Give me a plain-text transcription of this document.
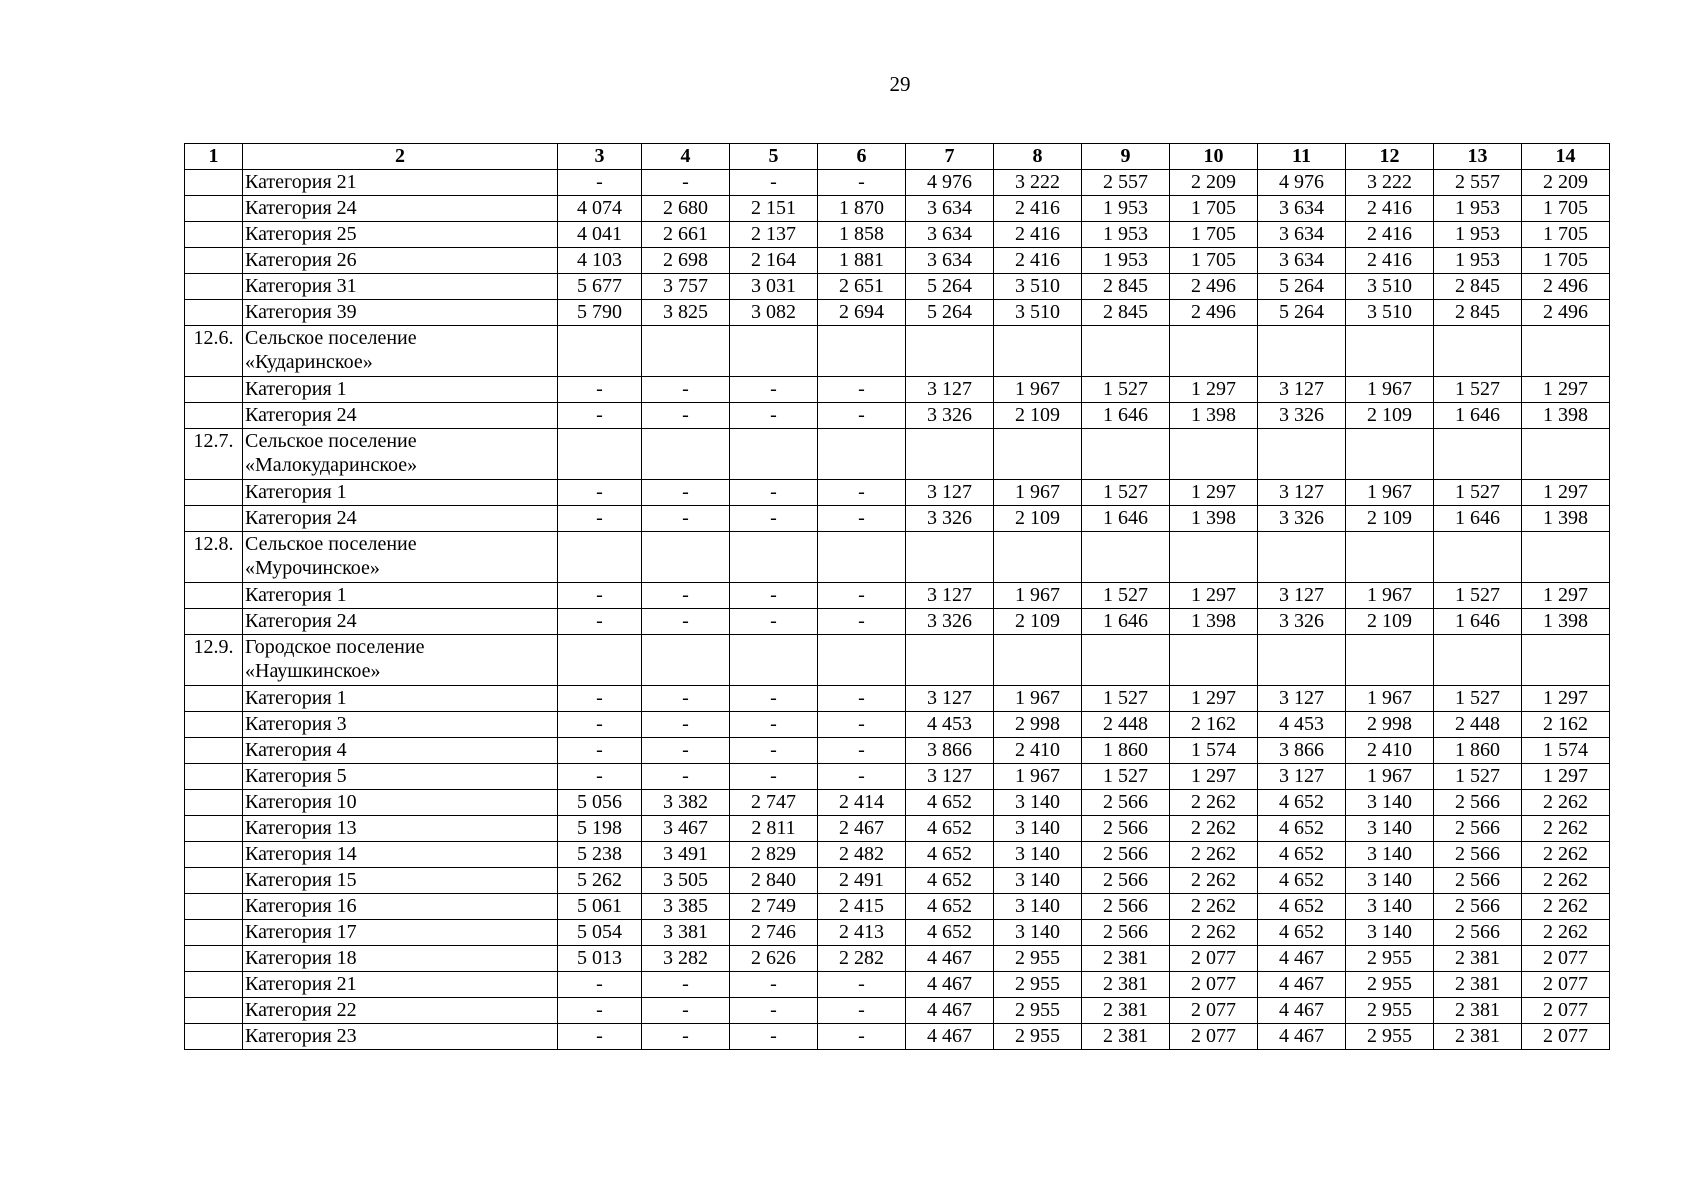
29
1	2	3	4	5	6	7	8	9	10	11	12	13	14
	Категория 21	-	-	-	-	4 976	3 222	2 557	2 209	4 976	3 222	2 557	2 209
	Категория 24	4 074	2 680	2 151	1 870	3 634	2 416	1 953	1 705	3 634	2 416	1 953	1 705
	Категория 25	4 041	2 661	2 137	1 858	3 634	2 416	1 953	1 705	3 634	2 416	1 953	1 705
	Категория 26	4 103	2 698	2 164	1 881	3 634	2 416	1 953	1 705	3 634	2 416	1 953	1 705
	Категория 31	5 677	3 757	3 031	2 651	5 264	3 510	2 845	2 496	5 264	3 510	2 845	2 496
	Категория 39	5 790	3 825	3 082	2 694	5 264	3 510	2 845	2 496	5 264	3 510	2 845	2 496
12.6.	Сельское поселение
«Кударинское»												

	Категория 1	-	-	-	-	3 127	1 967	1 527	1 297	3 127	1 967	1 527	1 297
	Категория 24	-	-	-	-	3 326	2 109	1 646	1 398	3 326	2 109	1 646	1 398
12.7.	Сельское поселение
«Малокударинское»												

	Категория 1	-	-	-	-	3 127	1 967	1 527	1 297	3 127	1 967	1 527	1 297
	Категория 24	-	-	-	-	3 326	2 109	1 646	1 398	3 326	2 109	1 646	1 398
12.8.	Сельское поселение
«Мурочинское»												

	Категория 1	-	-	-	-	3 127	1 967	1 527	1 297	3 127	1 967	1 527	1 297
	Категория 24	-	-	-	-	3 326	2 109	1 646	1 398	3 326	2 109	1 646	1 398
12.9.	Городское поселение
«Наушкинское»												

	Категория 1	-	-	-	-	3 127	1 967	1 527	1 297	3 127	1 967	1 527	1 297
	Категория 3	-	-	-	-	4 453	2 998	2 448	2 162	4 453	2 998	2 448	2 162
	Категория 4	-	-	-	-	3 866	2 410	1 860	1 574	3 866	2 410	1 860	1 574
	Категория 5	-	-	-	-	3 127	1 967	1 527	1 297	3 127	1 967	1 527	1 297
	Категория 10	5 056	3 382	2 747	2 414	4 652	3 140	2 566	2 262	4 652	3 140	2 566	2 262
	Категория 13	5 198	3 467	2 811	2 467	4 652	3 140	2 566	2 262	4 652	3 140	2 566	2 262
	Категория 14	5 238	3 491	2 829	2 482	4 652	3 140	2 566	2 262	4 652	3 140	2 566	2 262
	Категория 15	5 262	3 505	2 840	2 491	4 652	3 140	2 566	2 262	4 652	3 140	2 566	2 262
	Категория 16	5 061	3 385	2 749	2 415	4 652	3 140	2 566	2 262	4 652	3 140	2 566	2 262
	Категория 17	5 054	3 381	2 746	2 413	4 652	3 140	2 566	2 262	4 652	3 140	2 566	2 262
	Категория 18	5 013	3 282	2 626	2 282	4 467	2 955	2 381	2 077	4 467	2 955	2 381	2 077
	Категория 21	-	-	-	-	4 467	2 955	2 381	2 077	4 467	2 955	2 381	2 077
	Категория 22	-	-	-	-	4 467	2 955	2 381	2 077	4 467	2 955	2 381	2 077
	Категория 23	-	-	-	-	4 467	2 955	2 381	2 077	4 467	2 955	2 381	2 077
